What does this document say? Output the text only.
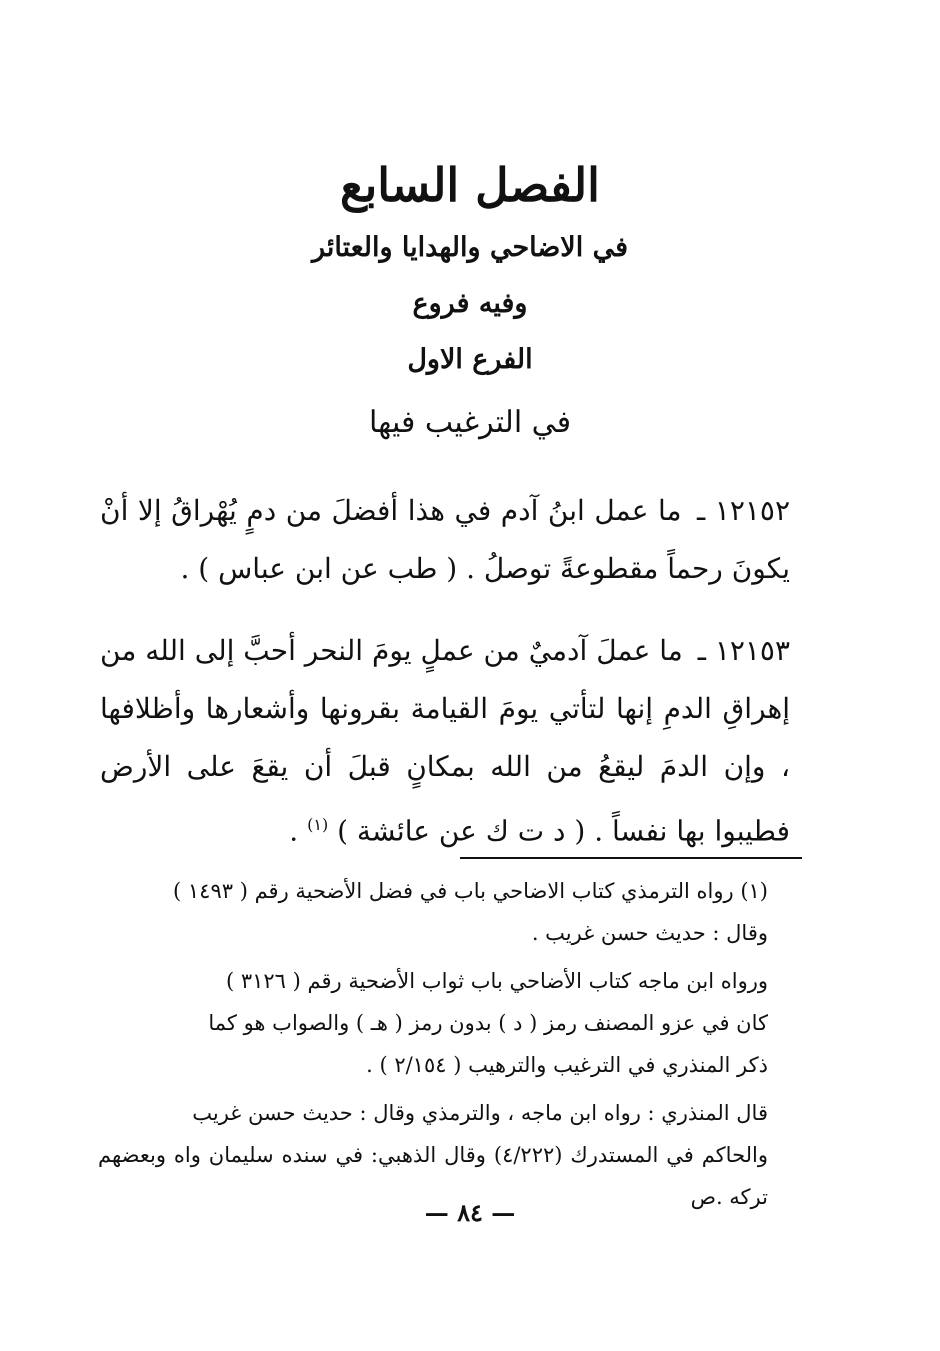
الفصل السابع

في الاضاحي والهدايا والعتائر

وفيه فروع

الفرع الاول

في الترغيب فيها

١٢١٥٢ ـ ما عمل ابنُ آدم في هذا أفضلَ من دمٍ يُهْراقُ إلا أنْ يكونَ رحماً مقطوعةً توصلُ . ( طب عن ابن عباس ) .

١٢١٥٣ ـ ما عملَ آدميٌ من عملٍ يومَ النحر أحبَّ إلى الله من إهراقِ الدمِ إنها لتأتي يومَ القيامة بقرونها وأشعارها وأظلافها ، وإن الدمَ ليقعُ من الله بمكانٍ قبلَ أن يقعَ على الأرض فطيبوا بها نفساً . ( د ت ك عن عائشة ) $^{(١)}$ .

(١) رواه الترمذي كتاب الاضاحي باب في فضل الأضحية رقم ( ١٤٩٣ )
وقال : حديث حسن غريب .
ورواه ابن ماجه كتاب الأضاحي باب ثواب الأضحية رقم ( ٣١٢٦ )
كان في عزو المصنف رمز ( د ) بدون رمز ( هـ ) والصواب هو كما
ذكر المنذري في الترغيب والترهيب ( ٢/١٥٤ ) .
قال المنذري : رواه ابن ماجه ، والترمذي وقال : حديث حسن غريب
والحاكم في المستدرك (٤/٢٢٢) وقال الذهبي: في سنده سليمان واه وبعضهم تركه .ص
— ٨٤ —
